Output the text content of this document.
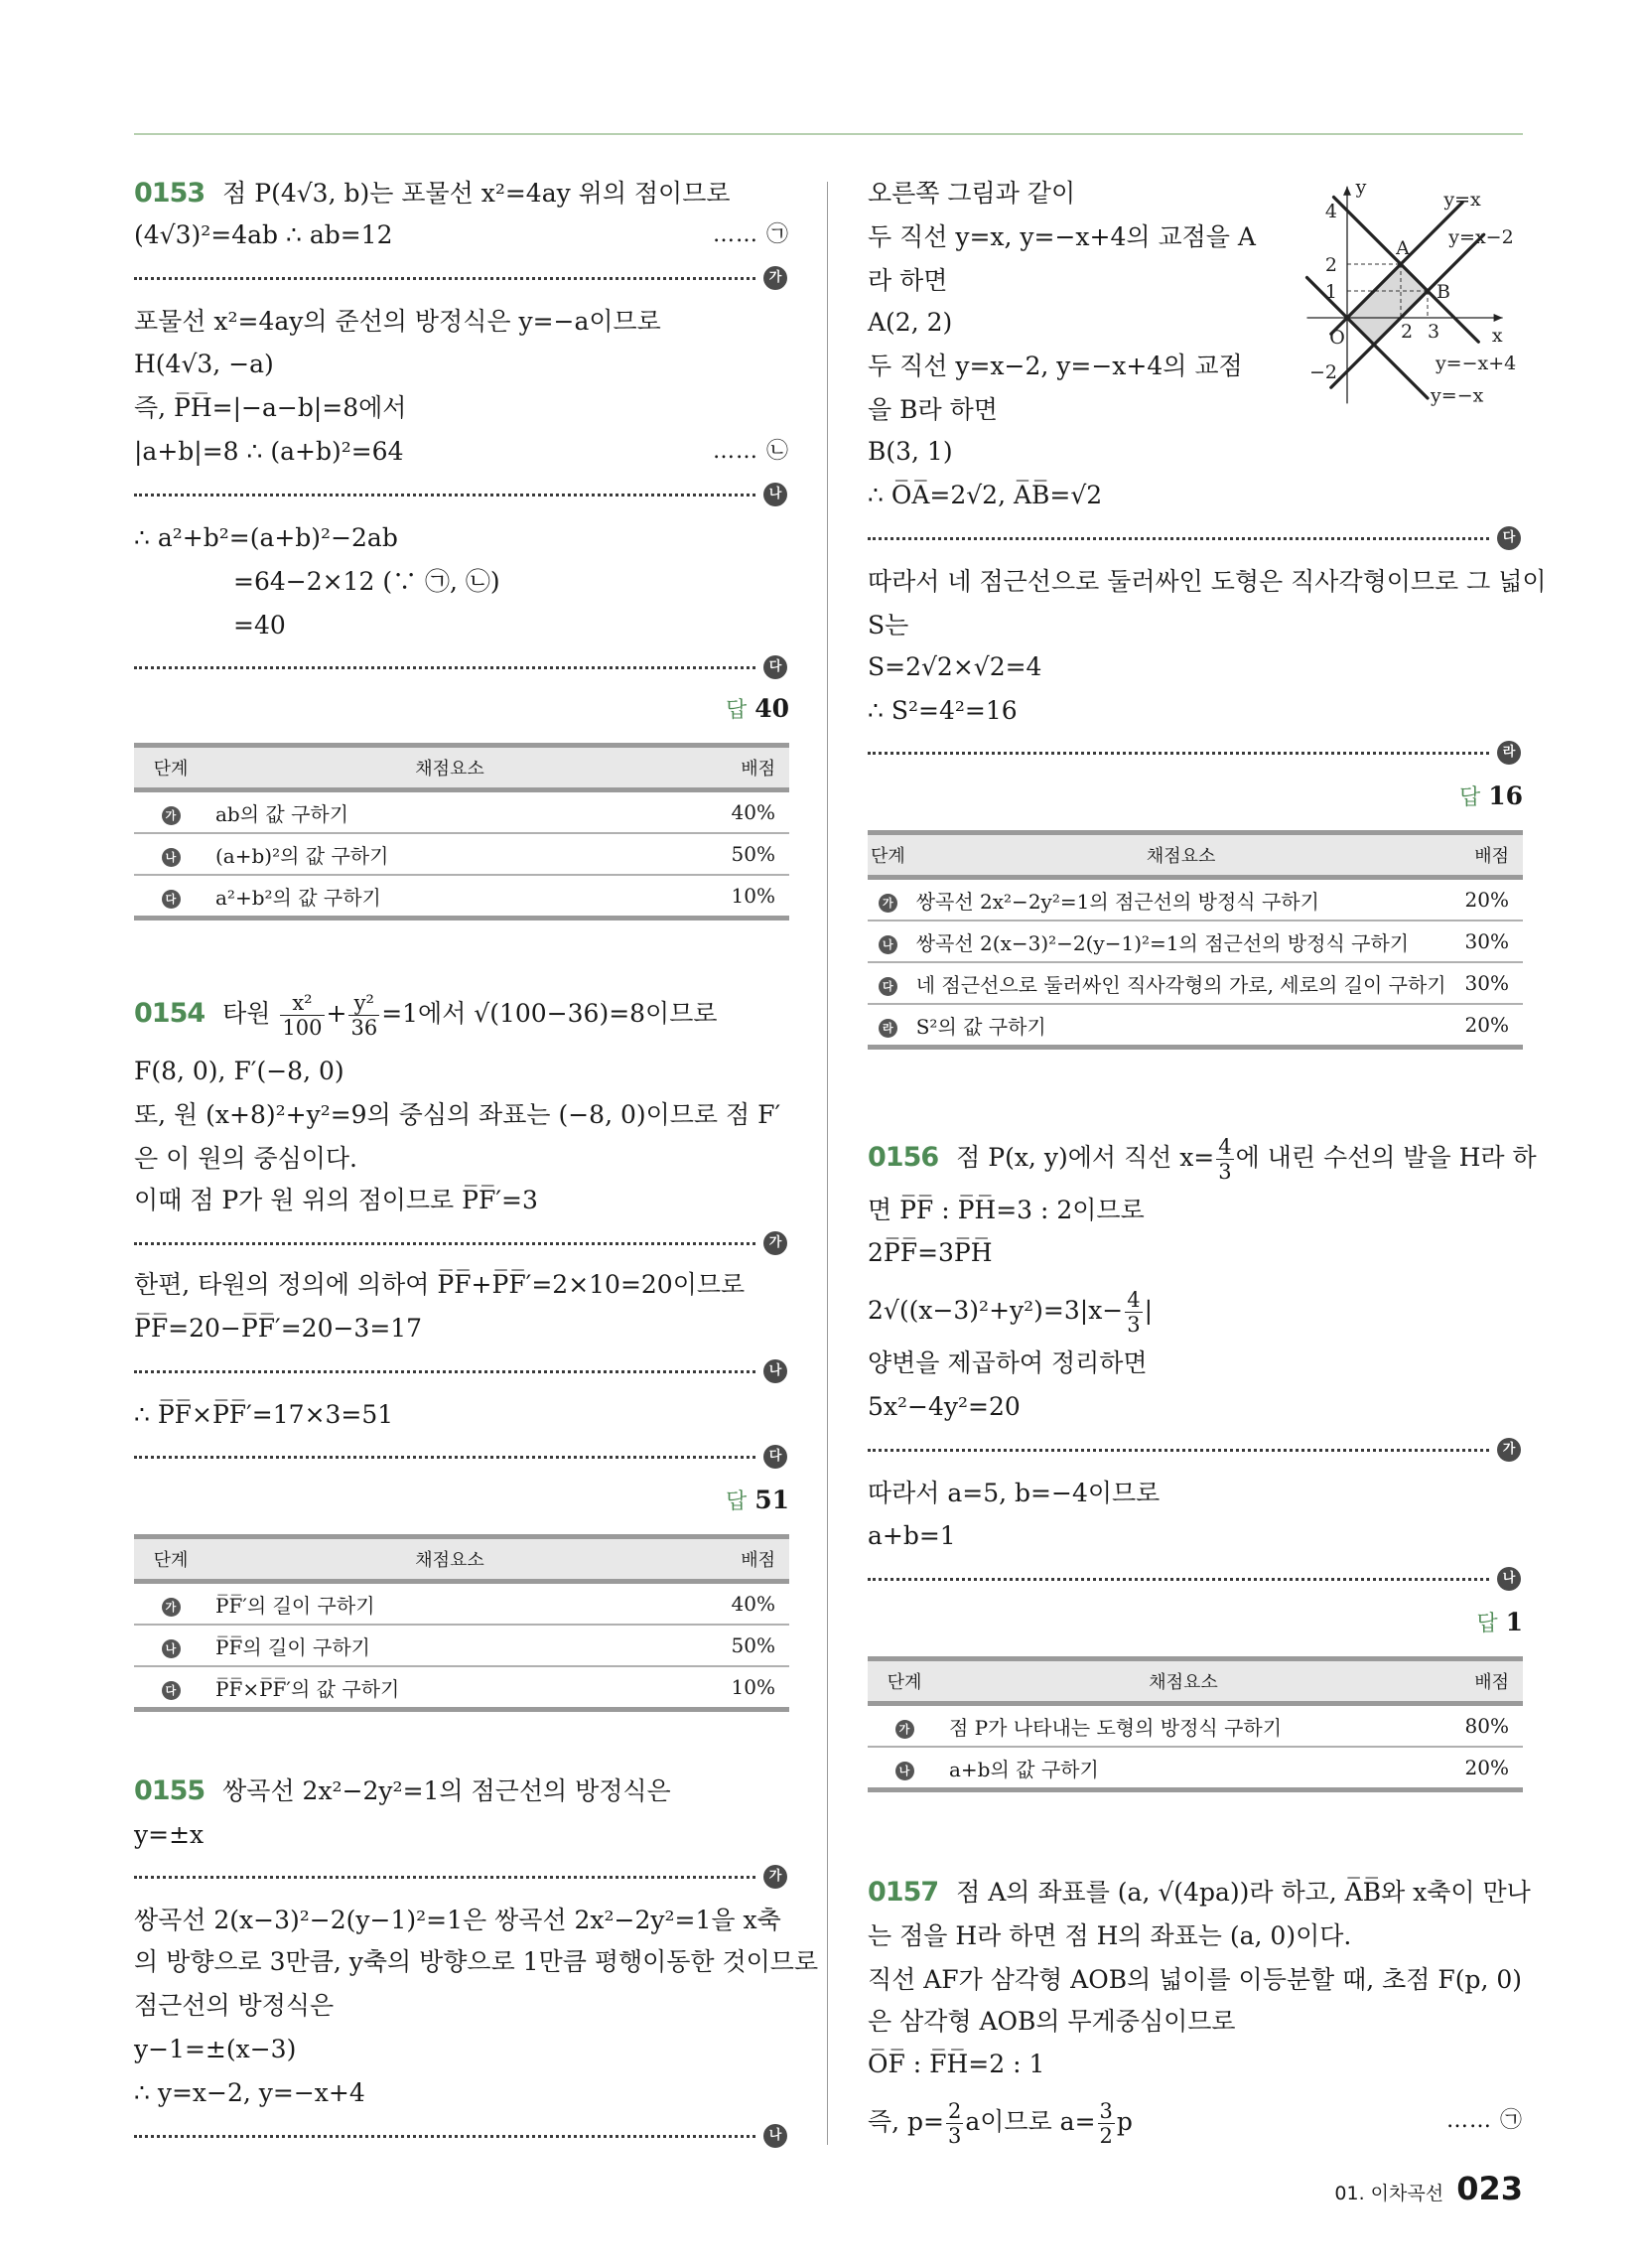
0153 점 P(4√3, b)는 포물선 x²=4ay 위의 점이므로
(4√3)²=4ab ∴ ab=12	…… ㉠
가
포물선 x²=4ay의 준선의 방정식은 y=−a이므로
H(4√3, −a)
즉, P̅H̅=|−a−b|=8에서
|a+b|=8 ∴ (a+b)²=64	…… ㉡
나
∴ a²+b²=(a+b)²−2ab
=64−2×12 (∵ ㉠, ㉡)
=40
다
답 40
단계	채점요소	배점
가	ab의 값 구하기	40%
나	(a+b)²의 값 구하기	50%
다	a²+b²의 값 구하기	10%
0154 타원 $\frac{\text{x²}}{100} + \frac{\text{y²}}{36} =1$에서 √(100−36)=8이므로
F(8, 0), F′(−8, 0)
또, 원 (x+8)²+y²=9의 중심의 좌표는 (−8, 0)이므로 점 F′
은 이 원의 중심이다.
이때 점 P가 원 위의 점이므로 P̅F̅′=3
가
한편, 타원의 정의에 의하여 P̅F̅+P̅F̅′=2×10=20이므로
P̅F̅=20−P̅F̅′=20−3=17
나
∴ P̅F̅×P̅F̅′=17×3=51
다
답 51
단계	채점요소	배점
가	P̅F̅′의 길이 구하기	40%
나	P̅F̅의 길이 구하기	50%
다	P̅F̅×P̅F̅′의 값 구하기	10%
0155 쌍곡선 2x²−2y²=1의 점근선의 방정식은
y=±x
가
쌍곡선 2(x−3)²−2(y−1)²=1은 쌍곡선 2x²−2y²=1을 x축
의 방향으로 3만큼, y축의 방향으로 1만큼 평행이동한 것이므로
점근선의 방정식은
y−1=±(x−3)
∴ y=x−2, y=−x+4
나
오른쪽 그림과 같이
두 직선 y=x, y=−x+4의 교점을 A
라 하면
A(2, 2)
두 직선 y=x−2, y=−x+4의 교점
을 B라 하면
B(3, 1)
∴ O̅A̅=2√2, A̅B̅=√2
다
따라서 네 점근선으로 둘러싸인 도형은 직사각형이므로 그 넓이
S는
S=2√2×√2=4
∴ S²=4²=16
라
답 16
단계	채점요소	배점
가	쌍곡선 2x²−2y²=1의 점근선의 방정식 구하기	20%
나	쌍곡선 2(x−3)²−2(y−1)²=1의 점근선의 방정식 구하기	30%
다	네 점근선으로 둘러싸인 직사각형의 가로, 세로의 길이 구하기	30%
라	S²의 값 구하기	20%
0156 점 P(x, y)에서 직선 $x= \frac{4}{3}$ 에 내린 수선의 발을 H라 하
면 P̅F̅ : P̅H̅=3 : 2이므로
2P̅F̅=3P̅H̅
$2√((x-3)^2+y^2)=3|x- \frac{4}{3}$ |
양변을 제곱하여 정리하면
5x²−4y²=20
가
따라서 a=5, b=−4이므로
a+b=1
나
답 1
단계	채점요소	배점
가	점 P가 나타내는 도형의 방정식 구하기	80%
나	a+b의 값 구하기	20%
0157 점 A의 좌표를 (a, √(4pa))라 하고, A̅B̅와 x축이 만나
는 점을 H라 하면 점 H의 좌표는 (a, 0)이다.
직선 AF가 삼각형 AOB의 넓이를 이등분할 때, 초점 F(p, 0)
은 삼각형 AOB의 무게중심이므로
O̅F̅ : F̅H̅=2 : 1
즉, $p= \frac{2}{3}$ a이므로 $a= \frac{3}{2}$ p	…… ㉠
y=x
y=x−2
y=−x+4
y=−x
x
y
O	2 3
4
2
1
−2
A
B
01. 이차곡선 023
